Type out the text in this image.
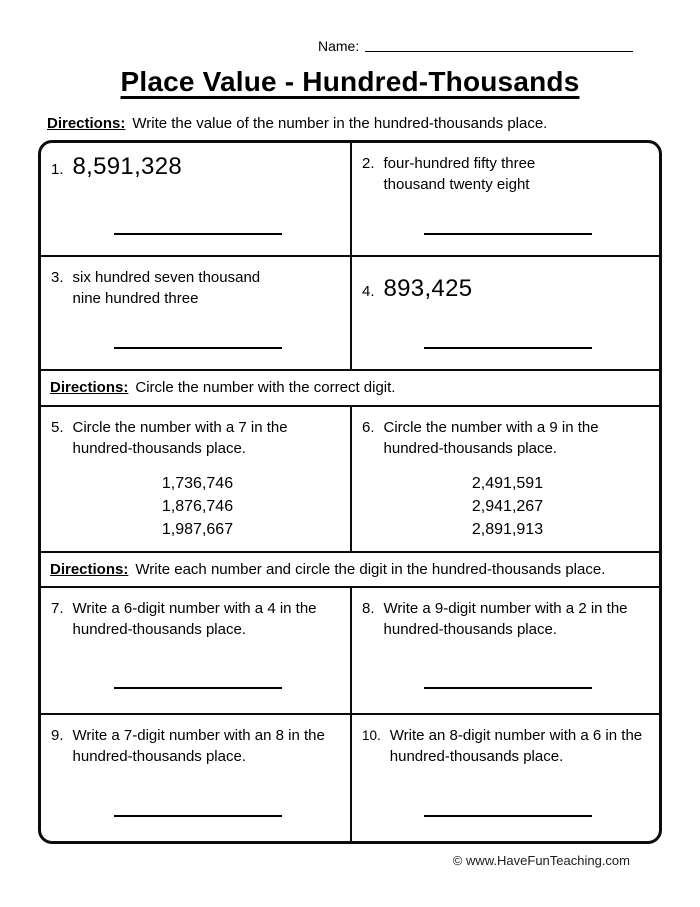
Name:
Place Value - Hundred-Thousands
Directions: Write the value of the number in the hundred-thousands place.
1. 8,591,328	2. four-hundred fifty three thousand twenty eight
3. six hundred seven thousand nine hundred three	4. 893,425
Directions: Circle the number with the correct digit.
5. Circle the number with a 7 in the hundred-thousands place.
1,736,746
1,876,746
1,987,667
6. Circle the number with a 9 in the hundred-thousands place.
2,491,591
2,941,267
2,891,913
Directions: Write each number and circle the digit in the hundred-thousands place.
7. Write a 6-digit number with a 4 in the hundred-thousands place.
8. Write a 9-digit number with a 2 in the hundred-thousands place.
9. Write a 7-digit number with an 8 in the hundred-thousands place.
10. Write an 8-digit number with a 6 in the hundred-thousands place.
© www.HaveFunTeaching.com
